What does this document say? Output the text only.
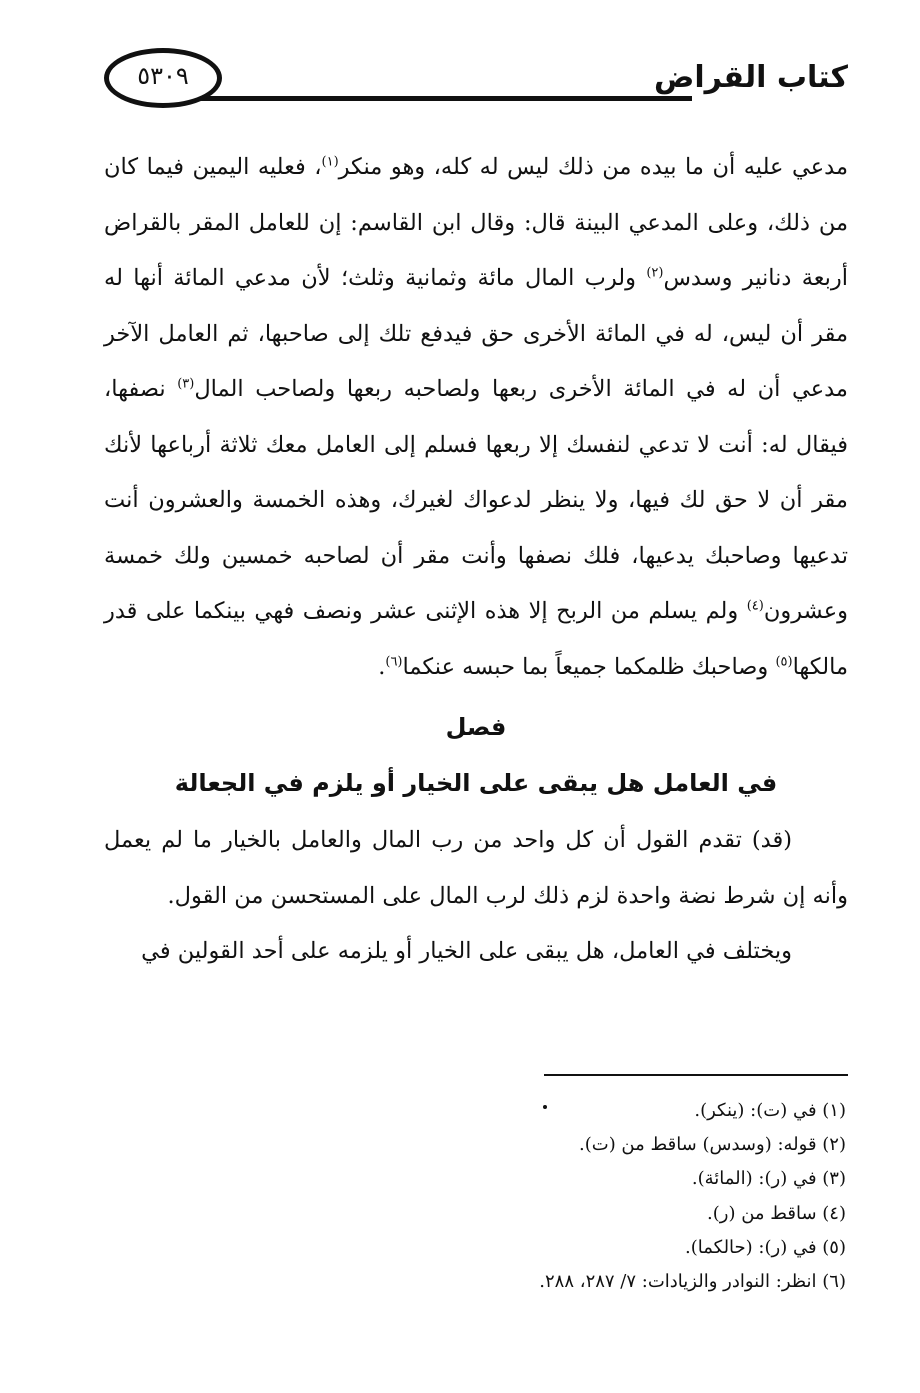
كتاب القراض
٥٣٠٩

مدعي عليه أن ما بيده من ذلك ليس له كله، وهو منكر$^{(١)}$، فعليه اليمين فيما كان من ذلك، وعلى المدعي البينة قال: وقال ابن القاسم: إن للعامل المقر بالقراض أربعة دنانير وسدس$^{(٢)}$ ولرب المال مائة وثمانية وثلث؛ لأن مدعي المائة أنها له مقر أن ليس، له في المائة الأخرى حق فيدفع تلك إلى صاحبها، ثم العامل الآخر مدعي أن له في المائة الأخرى ربعها ولصاحبه ربعها ولصاحب المال$^{(٣)}$ نصفها، فيقال له: أنت لا تدعي لنفسك إلا ربعها فسلم إلى العامل معك ثلاثة أرباعها لأنك مقر أن لا حق لك فيها، ولا ينظر لدعواك لغيرك، وهذه الخمسة والعشرون أنت تدعيها وصاحبك يدعيها، فلك نصفها وأنت مقر أن لصاحبه خمسين ولك خمسة وعشرون$^{(٤)}$ ولم يسلم من الربح إلا هذه الإثنى عشر ونصف فهي بينكما على قدر مالكها$^{(٥)}$ وصاحبك ظلمكما جميعاً بما حبسه عنكما$^{(٦)}$.

فصل

في العامل هل يبقى على الخيار أو يلزم في الجعالة

(قد) تقدم القول أن كل واحد من رب المال والعامل بالخيار ما لم يعمل وأنه إن شرط نضة واحدة لزم ذلك لرب المال على المستحسن من القول.

ويختلف في العامل، هل يبقى على الخيار أو يلزمه على أحد القولين في

(١) في (ت): (ينكر).

(٢) قوله: (وسدس) ساقط من (ت).

(٣) في (ر): (المائة).

(٤) ساقط من (ر).

(٥) في (ر): (حالكما).

(٦) انظر: النوادر والزيادات: ٧/ ٢٨٧، ٢٨٨.
